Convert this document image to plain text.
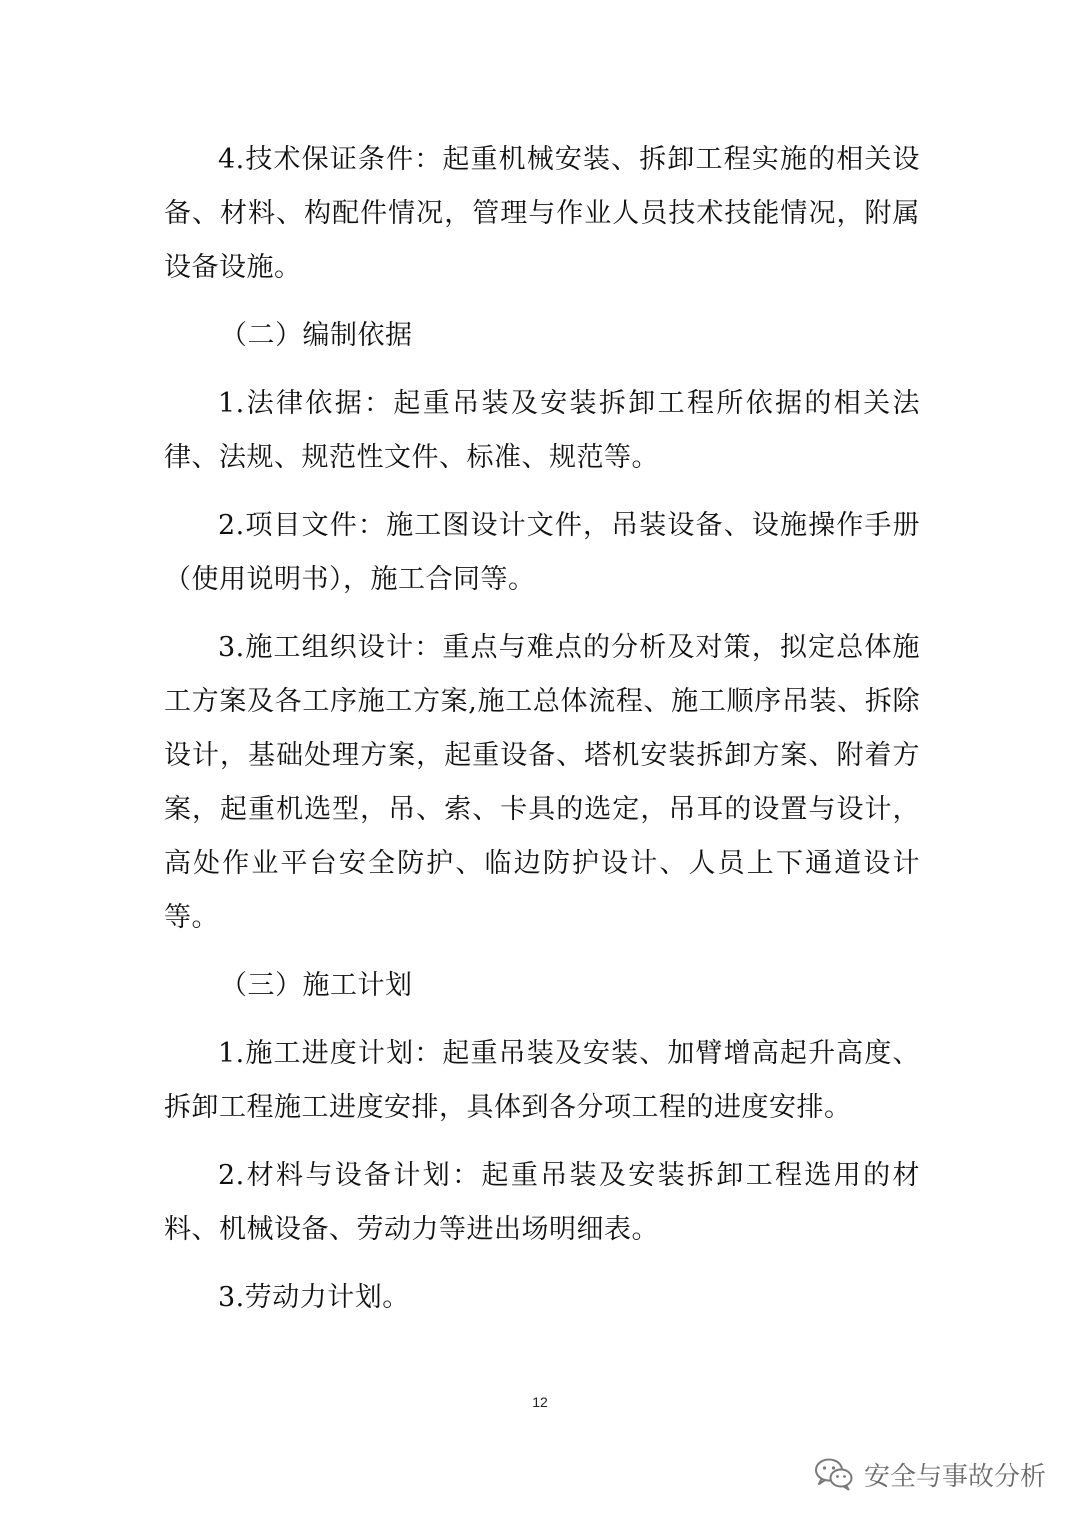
4.技术保证条件：起重机械安装、拆卸工程实施的相关设备、材料、构配件情况，管理与作业人员技术技能情况，附属设备设施。

（二）编制依据

1.法律依据：起重吊装及安装拆卸工程所依据的相关法律、法规、规范性文件、标准、规范等。

2.项目文件：施工图设计文件，吊装设备、设施操作手册（使用说明书），施工合同等。

3.施工组织设计：重点与难点的分析及对策，拟定总体施工方案及各工序施工方案,施工总体流程、施工顺序吊装、拆除设计，基础处理方案，起重设备、塔机安装拆卸方案、附着方案，起重机选型，吊、索、卡具的选定，吊耳的设置与设计，高处作业平台安全防护、临边防护设计、人员上下通道设计等。

（三）施工计划

1.施工进度计划：起重吊装及安装、加臂增高起升高度、拆卸工程施工进度安排，具体到各分项工程的进度安排。

2.材料与设备计划：起重吊装及安装拆卸工程选用的材料、机械设备、劳动力等进出场明细表。

3.劳动力计划。

12
安全与事故分析
